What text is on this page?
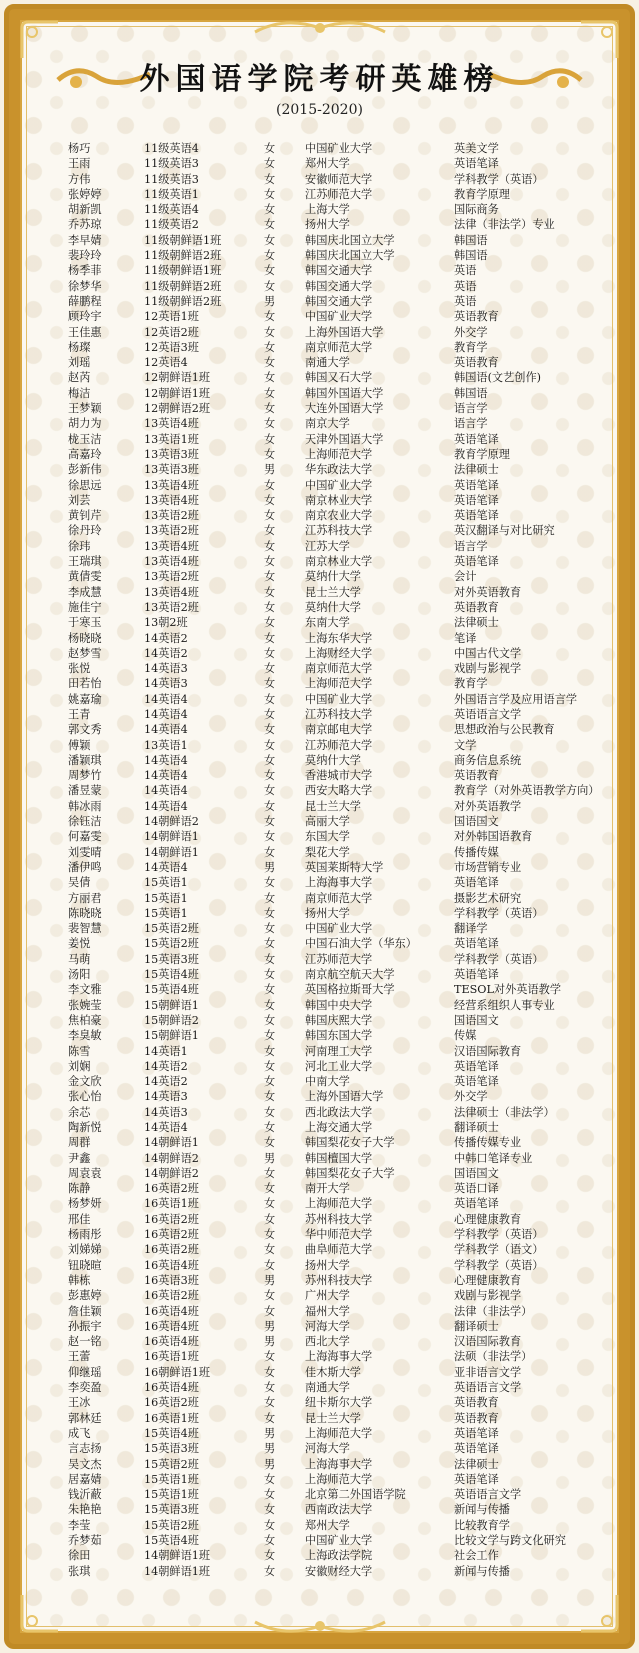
外国语学院考研英雄榜
(2015-2020)
杨巧	11级英语4	女	中国矿业大学	英美文学
王雨	11级英语3	女	郑州大学	英语笔译
方伟	11级英语3	女	安徽师范大学	学科教学（英语）
张婷婷	11级英语1	女	江苏师范大学	教育学原理
胡新凯	11级英语4	女	上海大学	国际商务
乔苏琼	11级英语2	女	扬州大学	法律（非法学）专业
李早婧	11级朝鲜语1班	女	韩国庆北国立大学	韩国语
裴玲玲	11级朝鲜语2班	女	韩国庆北国立大学	韩国语
杨季菲	11级朝鲜语1班	女	韩国交通大学	英语
徐梦华	11级朝鲜语2班	女	韩国交通大学	英语
薛鹏程	11级朝鲜语2班	男	韩国交通大学	英语
顾玲宇	12英语1班	女	中国矿业大学	英语教育
王佳惠	12英语2班	女	上海外国语大学	外交学
杨璨	12英语3班	女	南京师范大学	教育学
刘瑶	12英语4	女	南通大学	英语教育
赵芮	12朝鲜语1班	女	韩国又石大学	韩国语(文艺创作)
梅洁	12朝鲜语1班	女	韩国外国语大学	韩国语
王梦颖	12朝鲜语2班	女	大连外国语大学	语言学
胡力为	13英语4班	女	南京大学	语言学
栊玉洁	13英语1班	女	天津外国语大学	英语笔译
高嘉玲	13英语3班	女	上海师范大学	教育学原理
彭新伟	13英语3班	男	华东政法大学	法律硕士
徐思远	13英语4班	女	中国矿业大学	英语笔译
刘芸	13英语4班	女	南京林业大学	英语笔译
黄钊芹	13英语2班	女	南京农业大学	英语笔译
徐丹玲	13英语2班	女	江苏科技大学	英汉翻译与对比研究
徐玮	13英语4班	女	江苏大学	语言学
王瑞琪	13英语4班	女	南京林业大学	英语笔译
黄倩雯	13英语2班	女	莫纳什大学	会计
李成慧	13英语4班	女	昆士兰大学	对外英语教育
施佳宁	13英语2班	女	莫纳什大学	英语教育
于寒玉	13朝2班	女	东南大学	法律硕士
杨晓晓	14英语2	女	上海东华大学	笔译
赵梦雪	14英语2	女	上海财经大学	中国古代文学
张悦	14英语3	女	南京师范大学	戏剧与影视学
田若怡	14英语3	女	上海师范大学	教育学
姚嘉瑜	14英语4	女	中国矿业大学	外国语言学及应用语言学
王青	14英语4	女	江苏科技大学	英语语言文学
郭文秀	14英语4	女	南京邮电大学	思想政治与公民教育
傅颖	13英语1	女	江苏师范大学	文学
潘颖琪	14英语4	女	莫纳什大学	商务信息系统
周梦竹	14英语4	女	香港城市大学	英语教育
潘昱蒙	14英语4	女	西安大略大学	教育学（对外英语教学方向）
韩冰雨	14英语4	女	昆士兰大学	对外英语教学
徐钰洁	14朝鲜语2	女	高丽大学	国语国文
何嘉雯	14朝鲜语1	女	东国大学	对外韩国语教育
刘雯晴	14朝鲜语1	女	梨花大学	传播传媒
潘伊鸣	14英语4	男	英国莱斯特大学	市场营销专业
吴倩	15英语1	女	上海海事大学	英语笔译
方丽君	15英语1	女	南京师范大学	摄影艺术研究
陈晓晓	15英语1	女	扬州大学	学科教学（英语）
裴智慧	15英语2班	女	中国矿业大学	翻译学
姜悦	15英语2班	女	中国石油大学（华东）	英语笔译
马萌	15英语3班	女	江苏师范大学	学科教学（英语）
汤阳	15英语4班	女	南京航空航天大学	英语笔译
李文雅	15英语4班	女	英国格拉斯哥大学	TESOL对外英语教学
张婉莹	15朝鲜语1	女	韩国中央大学	经营系组织人事专业
焦柏豪	15朝鲜语2	女	韩国庆熙大学	国语国文
李臭敏	15朝鲜语1	女	韩国东国大学	传媒
陈雪	14英语1	女	河南理工大学	汉语国际教育
刘娴	14英语2	女	河北工业大学	英语笔译
金文欣	14英语2	女	中南大学	英语笔译
张心怡	14英语3	女	上海外国语大学	外交学
余芯	14英语3	女	西北政法大学	法律硕士（非法学）
陶新悦	14英语4	女	上海交通大学	翻译硕士
周群	14朝鲜语1	女	韩国梨花女子大学	传播传媒专业
尹鑫	14朝鲜语2	男	韩国檀国大学	中韩口笔译专业
周袁袁	14朝鲜语2	女	韩国梨花女子大学	国语国文
陈静	16英语2班	女	南开大学	英语口译
杨梦妍	16英语1班	女	上海师范大学	英语笔译
邢佳	16英语2班	女	苏州科技大学	心理健康教育
杨雨彤	16英语2班	女	华中师范大学	学科教学（英语）
刘娣娣	16英语2班	女	曲阜师范大学	学科教学（语文）
钮晓暄	16英语4班	女	扬州大学	学科教学（英语）
韩栋	16英语3班	男	苏州科技大学	心理健康教育
彭惠婷	16英语2班	女	广州大学	戏剧与影视学
詹佳颖	16英语4班	女	福州大学	法律（非法学）
孙振宇	16英语4班	男	河海大学	翻译硕士
赵一铭	16英语4班	男	西北大学	汉语国际教育
王蕾	16英语1班	女	上海海事大学	法硕（非法学）
仰继瑶	16朝鲜语1班	女	佳木斯大学	亚非语言文学
李奕盈	16英语4班	女	南通大学	英语语言文学
王冰	16英语2班	女	纽卡斯尔大学	英语教育
郭林廷	16英语1班	女	昆士兰大学	英语教育
成飞	15英语4班	男	上海师范大学	英语笔译
言志扬	15英语3班	男	河海大学	英语笔译
吴文杰	15英语2班	男	上海海事大学	法律硕士
居嘉婧	15英语1班	女	上海师范大学	英语笔译
钱沂蔽	15英语1班	女	北京第二外国语学院	英语语言文学
朱艳艳	15英语3班	女	西南政法大学	新闻与传播
李莹	15英语2班	女	郑州大学	比较教育学
乔梦茹	15英语4班	女	中国矿业大学	比较文学与跨文化研究
徐田	14朝鲜语1班	女	上海政法学院	社会工作
张琪	14朝鲜语1班	女	安徽财经大学	新闻与传播
